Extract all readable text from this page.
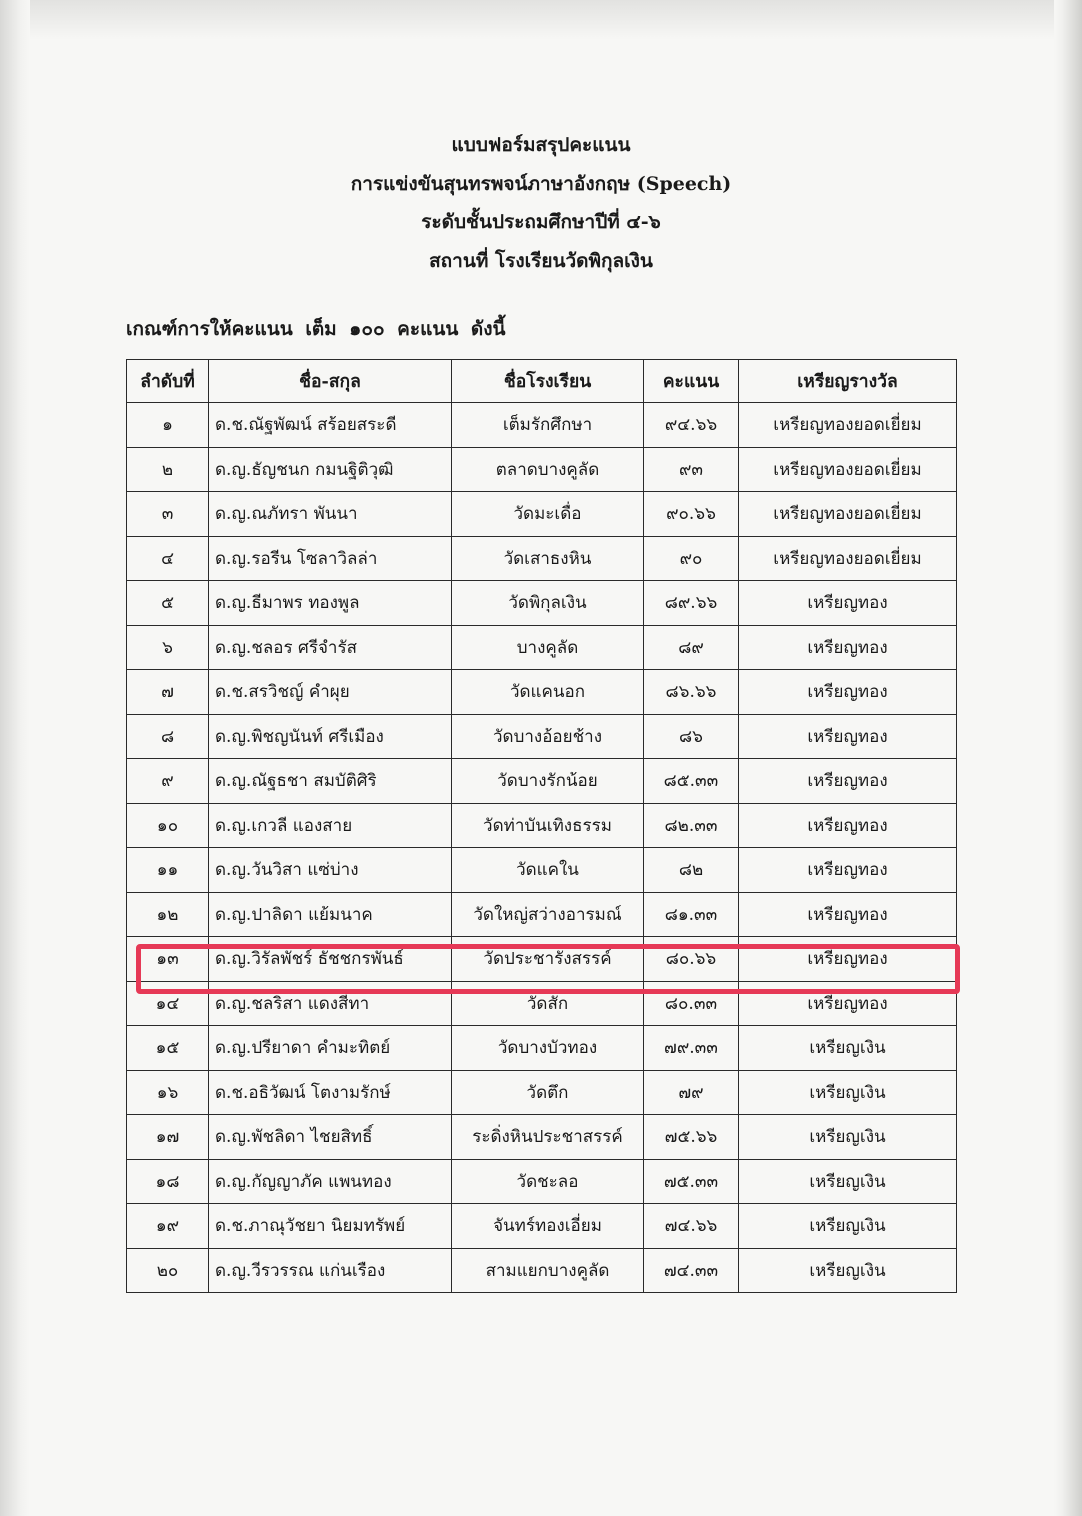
แบบฟอร์มสรุปคะแนน
การแข่งขันสุนทรพจน์ภาษาอังกฤษ (Speech)
ระดับชั้นประถมศึกษาปีที่ ๔-๖
สถานที่ โรงเรียนวัดพิกุลเงิน
เกณฑ์การให้คะแนน เต็ม ๑๐๐ คะแนน ดังนี้
ลำดับที่	ชื่อ-สกุล	ชื่อโรงเรียน	คะแนน	เหรียญรางวัล
๑	ด.ช.ณัฐพัฒน์ สร้อยสระดี	เต็มรักศึกษา	๙๔.๖๖	เหรียญทองยอดเยี่ยม
๒	ด.ญ.ธัญชนก กมนฐิติวุฒิ	ตลาดบางคูลัด	๙๓	เหรียญทองยอดเยี่ยม
๓	ด.ญ.ณภัทรา พันนา	วัดมะเดื่อ	๙๐.๖๖	เหรียญทองยอดเยี่ยม
๔	ด.ญ.รอรีน โซลาวิลล่า	วัดเสาธงหิน	๙๐	เหรียญทองยอดเยี่ยม
๕	ด.ญ.ธีมาพร ทองพูล	วัดพิกุลเงิน	๘๙.๖๖	เหรียญทอง
๖	ด.ญ.ชลอร ศรีจำรัส	บางคูลัด	๘๙	เหรียญทอง
๗	ด.ช.สรวิชญ์ คำผุย	วัดแคนอก	๘๖.๖๖	เหรียญทอง
๘	ด.ญ.พิชญนันท์ ศรีเมือง	วัดบางอ้อยช้าง	๘๖	เหรียญทอง
๙	ด.ญ.ณัฐธชา สมบัติศิริ	วัดบางรักน้อย	๘๕.๓๓	เหรียญทอง
๑๐	ด.ญ.เกวลี แองสาย	วัดท่าบันเทิงธรรม	๘๒.๓๓	เหรียญทอง
๑๑	ด.ญ.วันวิสา แซ่บ่าง	วัดแคใน	๘๒	เหรียญทอง
๑๒	ด.ญ.ปาลิดา แย้มนาค	วัดใหญ่สว่างอารมณ์	๘๑.๓๓	เหรียญทอง
๑๓	ด.ญ.วิรัลพัชร์ ธัชชกรพันธ์	วัดประชารังสรรค์	๘๐.๖๖	เหรียญทอง
๑๔	ด.ญ.ชลริสา แดงสีทา	วัดสัก	๘๐.๓๓	เหรียญทอง
๑๕	ด.ญ.ปรียาดา คำมะทิตย์	วัดบางบัวทอง	๗๙.๓๓	เหรียญเงิน
๑๖	ด.ช.อธิวัฒน์ โตงามรักษ์	วัดตึก	๗๙	เหรียญเงิน
๑๗	ด.ญ.พัชลิดา ไชยสิทธิ์	ระดิ่งหินประชาสรรค์	๗๕.๖๖	เหรียญเงิน
๑๘	ด.ญ.กัญญาภัค แพนทอง	วัดชะลอ	๗๕.๓๓	เหรียญเงิน
๑๙	ด.ช.ภาณุวัชยา นิยมทรัพย์	จันทร์ทองเอี่ยม	๗๔.๖๖	เหรียญเงิน
๒๐	ด.ญ.วีรวรรณ แก่นเรือง	สามแยกบางคูลัด	๗๔.๓๓	เหรียญเงิน
